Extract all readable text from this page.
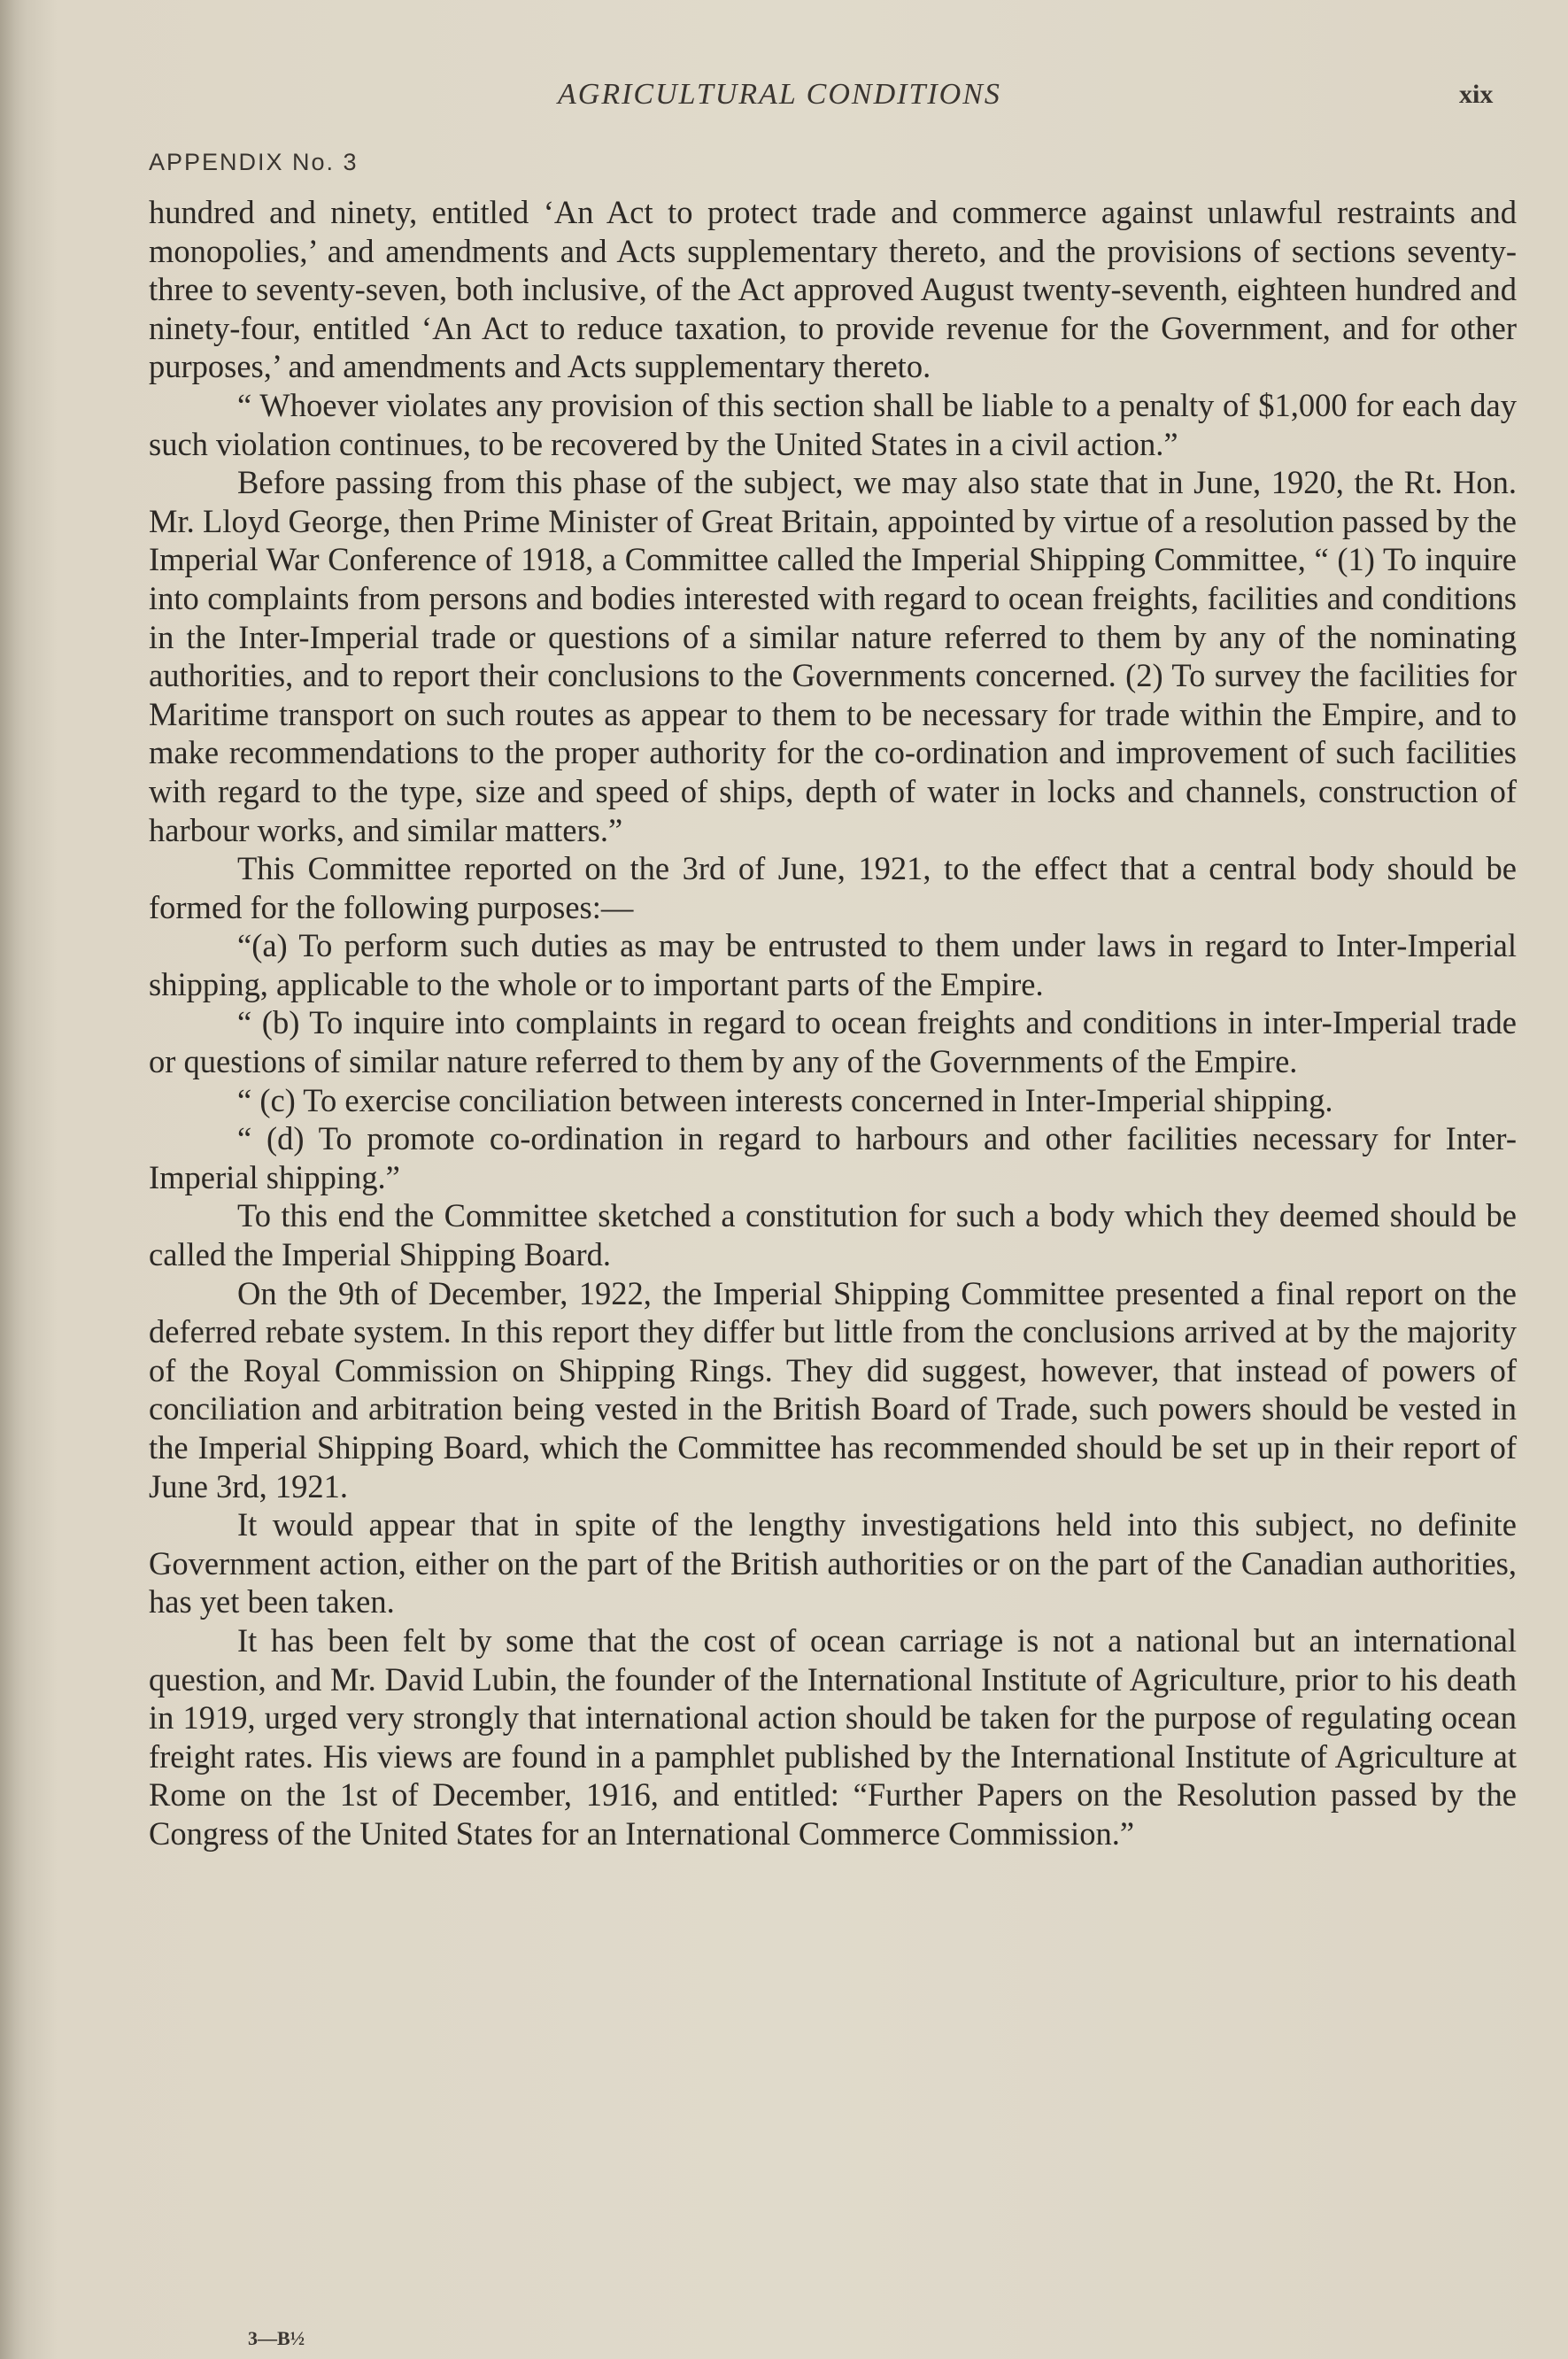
AGRICULTURAL CONDITIONS	xix
APPENDIX No. 3

hundred and ninety, entitled ‘An Act to protect trade and commerce against unlawful restraints and monopolies,’ and amendments and Acts supplementary thereto, and the provisions of sections seventy-three to seventy-seven, both inclusive, of the Act approved August twenty-seventh, eighteen hundred and ninety-four, entitled ‘An Act to reduce taxation, to provide revenue for the Government, and for other purposes,’ and amendments and Acts supplementary thereto.

“ Whoever violates any provision of this section shall be liable to a penalty of $1,000 for each day such violation continues, to be recovered by the United States in a civil action.”

Before passing from this phase of the subject, we may also state that in June, 1920, the Rt. Hon. Mr. Lloyd George, then Prime Minister of Great Britain, appointed by virtue of a resolution passed by the Imperial War Conference of 1918, a Committee called the Imperial Shipping Committee, “ (1) To inquire into complaints from persons and bodies interested with regard to ocean freights, facilities and conditions in the Inter-Imperial trade or questions of a similar nature referred to them by any of the nominating authorities, and to report their conclusions to the Governments concerned. (2) To survey the facilities for Maritime transport on such routes as appear to them to be necessary for trade within the Empire, and to make recommendations to the proper authority for the co-ordination and improvement of such facilities with regard to the type, size and speed of ships, depth of water in locks and channels, construction of harbour works, and similar matters.”

This Committee reported on the 3rd of June, 1921, to the effect that a central body should be formed for the following purposes:—

“(a) To perform such duties as may be entrusted to them under laws in regard to Inter-Imperial shipping, applicable to the whole or to important parts of the Empire.

“ (b) To inquire into complaints in regard to ocean freights and conditions in inter-Imperial trade or questions of similar nature referred to them by any of the Governments of the Empire.

“ (c) To exercise conciliation between interests concerned in Inter-Imperial shipping.

“ (d) To promote co-ordination in regard to harbours and other facilities necessary for Inter-Imperial shipping.”

To this end the Committee sketched a constitution for such a body which they deemed should be called the Imperial Shipping Board.

On the 9th of December, 1922, the Imperial Shipping Committee presented a final report on the deferred rebate system. In this report they differ but little from the conclusions arrived at by the majority of the Royal Commission on Shipping Rings. They did suggest, however, that instead of powers of conciliation and arbitration being vested in the British Board of Trade, such powers should be vested in the Imperial Shipping Board, which the Committee has recommended should be set up in their report of June 3rd, 1921.

It would appear that in spite of the lengthy investigations held into this subject, no definite Government action, either on the part of the British authorities or on the part of the Canadian authorities, has yet been taken.

It has been felt by some that the cost of ocean carriage is not a national but an international question, and Mr. David Lubin, the founder of the International Institute of Agriculture, prior to his death in 1919, urged very strongly that international action should be taken for the purpose of regulating ocean freight rates. His views are found in a pamphlet published by the International Institute of Agriculture at Rome on the 1st of December, 1916, and entitled: “Further Papers on the Resolution passed by the Congress of the United States for an International Commerce Commission.”

3—B½
